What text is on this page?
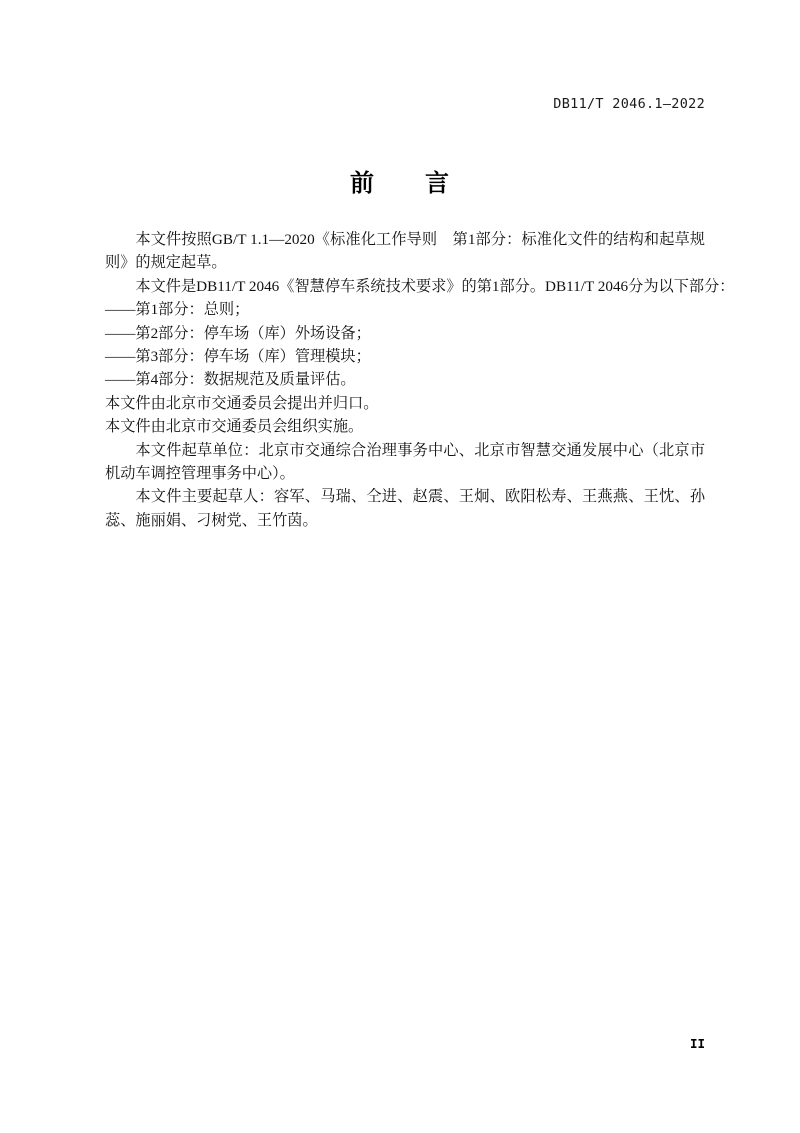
DB11/T 2046.1—2022
前　　言

本文件按照GB/T 1.1—2020《标准化工作导则　第1部分：标准化文件的结构和起草规则》的规定起草。

本文件是DB11/T 2046《智慧停车系统技术要求》的第1部分。DB11/T 2046分为以下部分：

——第1部分：总则；

——第2部分：停车场（库）外场设备；

——第3部分：停车场（库）管理模块；

——第4部分：数据规范及质量评估。

本文件由北京市交通委员会提出并归口。

本文件由北京市交通委员会组织实施。

本文件起草单位：北京市交通综合治理事务中心、北京市智慧交通发展中心（北京市机动车调控管理事务中心）。

本文件主要起草人：容军、马瑞、仝进、赵震、王炯、欧阳松寿、王燕燕、王忱、孙蕊、施丽娟、刁树党、王竹茵。

II
